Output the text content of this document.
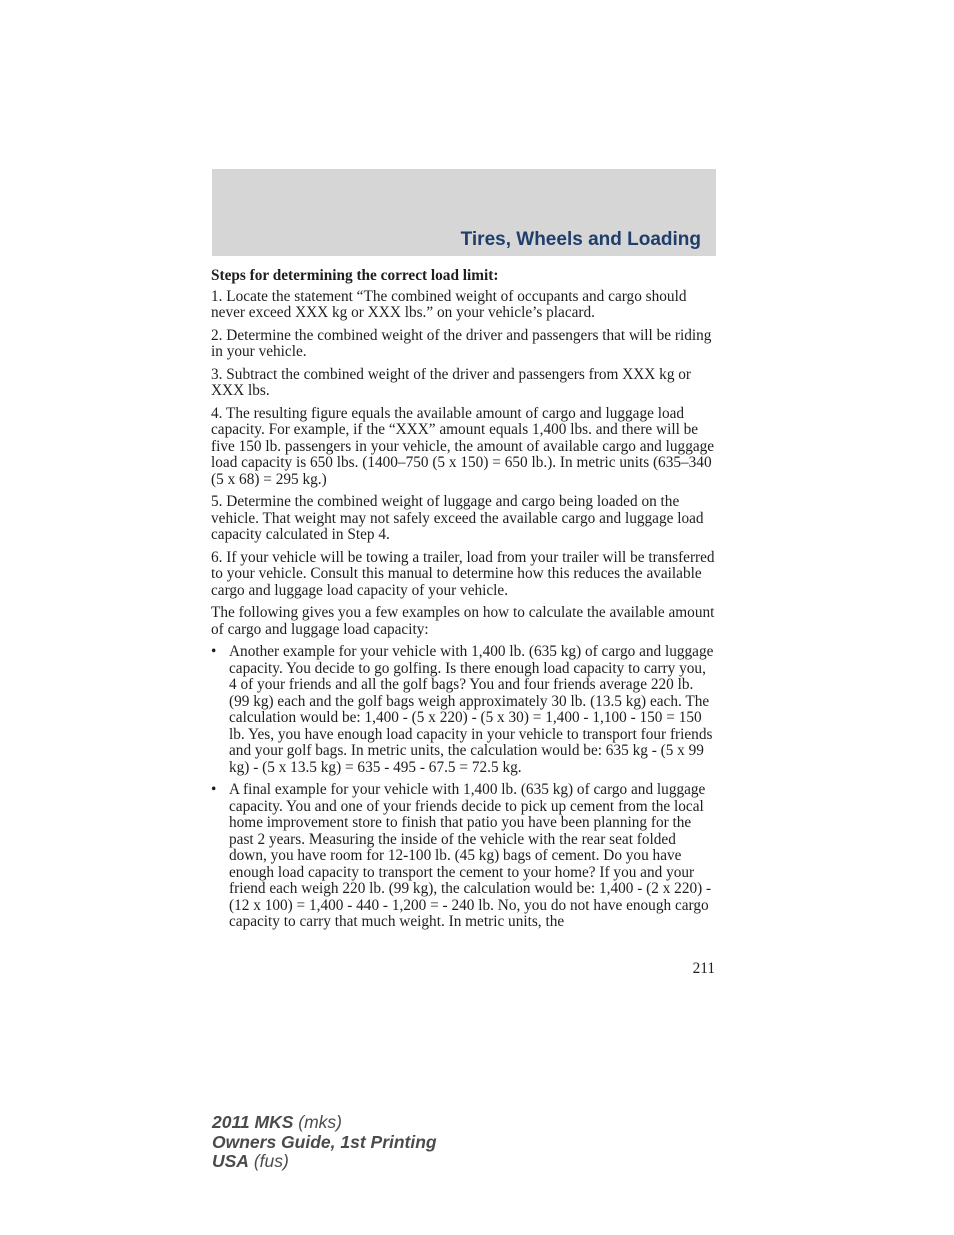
Tires, Wheels and Loading

Steps for determining the correct load limit:

1. Locate the statement “The combined weight of occupants and cargo should never exceed XXX kg or XXX lbs.” on your vehicle’s placard.

2. Determine the combined weight of the driver and passengers that will be riding in your vehicle.

3. Subtract the combined weight of the driver and passengers from XXX kg or XXX lbs.

4. The resulting figure equals the available amount of cargo and luggage load capacity. For example, if the “XXX” amount equals 1,400 lbs. and there will be five 150 lb. passengers in your vehicle, the amount of available cargo and luggage load capacity is 650 lbs. (1400–750 (5 x 150) = 650 lb.). In metric units (635–340 (5 x 68) = 295 kg.)

5. Determine the combined weight of luggage and cargo being loaded on the vehicle. That weight may not safely exceed the available cargo and luggage load capacity calculated in Step 4.

6. If your vehicle will be towing a trailer, load from your trailer will be transferred to your vehicle. Consult this manual to determine how this reduces the available cargo and luggage load capacity of your vehicle.

The following gives you a few examples on how to calculate the available amount of cargo and luggage load capacity:

• Another example for your vehicle with 1,400 lb. (635 kg) of cargo and luggage capacity. You decide to go golfing. Is there enough load capacity to carry you, 4 of your friends and all the golf bags? You and four friends average 220 lb. (99 kg) each and the golf bags weigh approximately 30 lb. (13.5 kg) each. The calculation would be: 1,400 - (5 x 220) - (5 x 30) = 1,400 - 1,100 - 150 = 150 lb. Yes, you have enough load capacity in your vehicle to transport four friends and your golf bags. In metric units, the calculation would be: 635 kg - (5 x 99 kg) - (5 x 13.5 kg) = 635 - 495 - 67.5 = 72.5 kg.
• A final example for your vehicle with 1,400 lb. (635 kg) of cargo and luggage capacity. You and one of your friends decide to pick up cement from the local home improvement store to finish that patio you have been planning for the past 2 years. Measuring the inside of the vehicle with the rear seat folded down, you have room for 12-100 lb. (45 kg) bags of cement. Do you have enough load capacity to transport the cement to your home? If you and your friend each weigh 220 lb. (99 kg), the calculation would be: 1,400 - (2 x 220) - (12 x 100) = 1,400 - 440 - 1,200 = - 240 lb. No, you do not have enough cargo capacity to carry that much weight. In metric units, the
211
2011 MKS (mks)
Owners Guide, 1st Printing
USA (fus)
